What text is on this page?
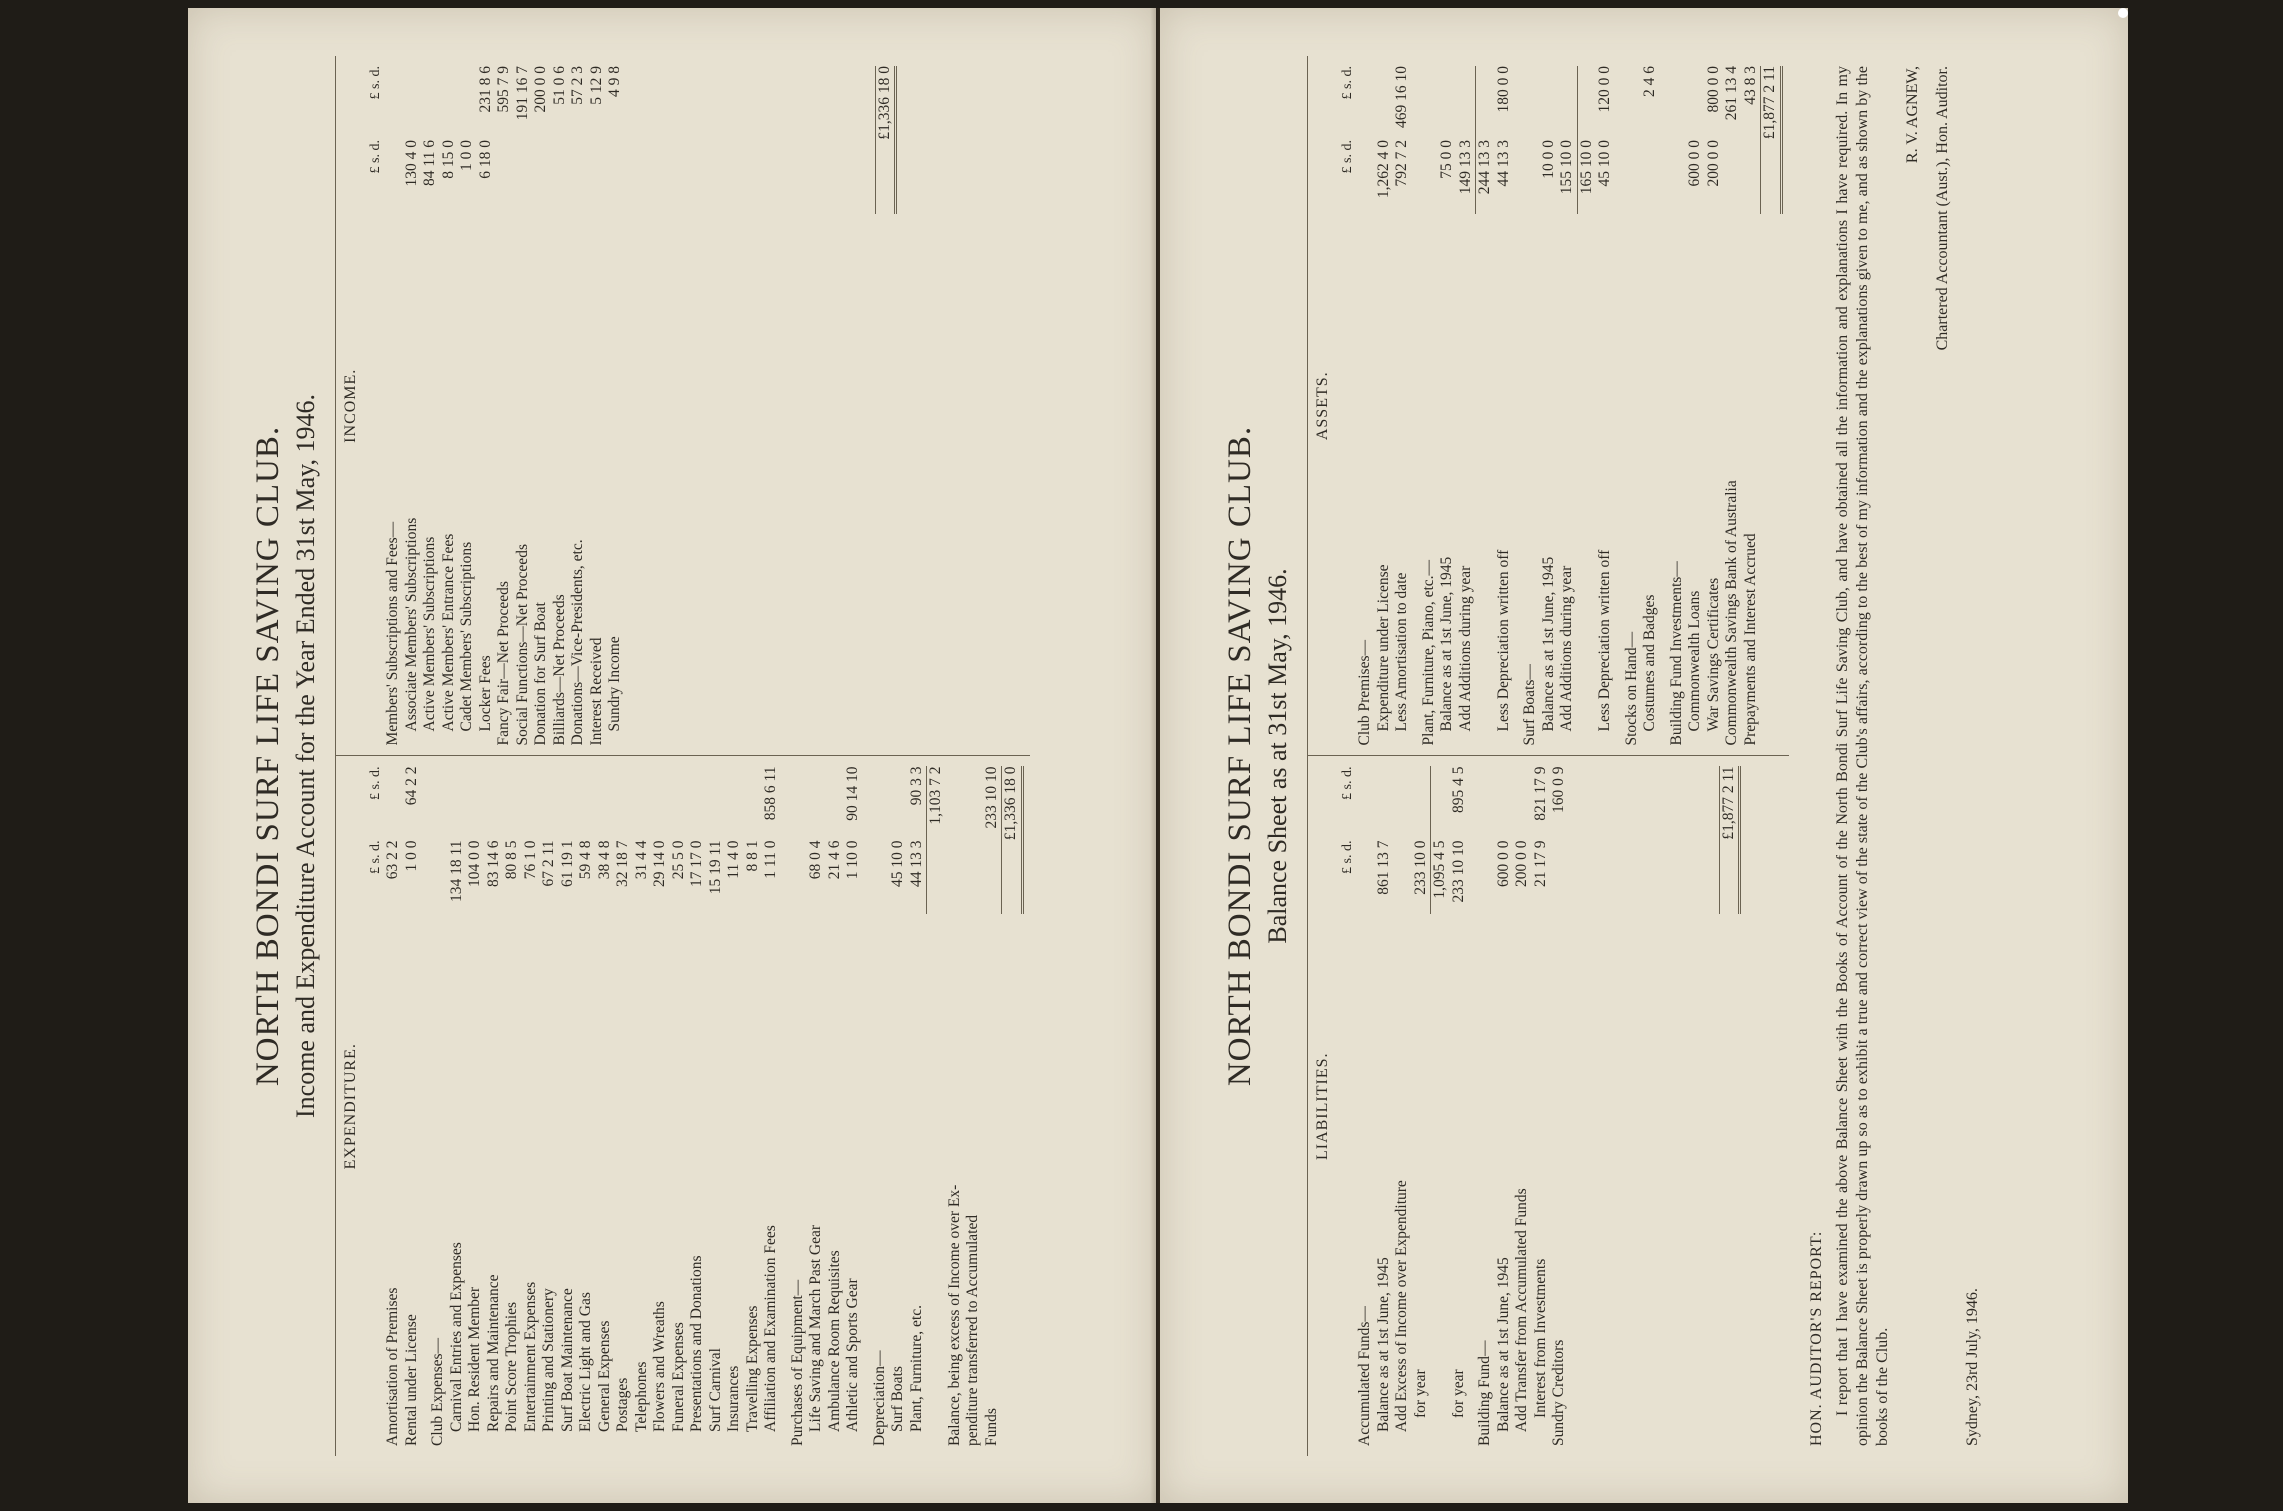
NORTH BONDI SURF LIFE SAVING CLUB. Income and Expenditure Account for the Year Ended 31st May, 1946. EXPENDITURE.
£ s. d.
£ s. d.
Amortisation of Premises
63 2 2
Rental under License
1 0 0
64 2 2
Club Expenses— Carnival Entries and Expenses
134 18 11
Hon. Resident Member
104 0 0
Repairs and Maintenance
83 14 6
Point Score Trophies
80 8 5
Entertainment Expenses
76 1 0
Printing and Stationery
67 2 11
Surf Boat Maintenance
61 19 1
Electric Light and Gas
59 4 8
General Expenses
38 4 8
Postages
32 18 7
Telephones
31 4 4
Flowers and Wreaths
29 14 0
Funeral Expenses
25 5 0
Presentations and Donations
17 17 0
Surf Carnival
15 19 11
Insurances
11 4 0
Travelling Expenses
8 8 1
Affiliation and Examination Fees
1 11 0
858 6 11
Purchases of Equipment— Life Saving and March Past Gear
68 0 4
Ambulance Room Requisites
21 4 6
Athletic and Sports Gear
1 10 0
90 14 10
Depreciation— Surf Boats
45 10 0
Plant, Furniture, etc.
44 13 3
90 3 3 1,103 7 2
Balance, being excess of Income over Ex- penditure transferred to Accumulated Funds
233 10 10 £1,336 18 0
INCOME.
£ s. d.
£ s. d.
Members' Subscriptions and Fees— Associate Members' Subscriptions
130 4 0
Active Members' Subscriptions
84 11 6
Active Members' Entrance Fees
8 15 0
Cadet Members' Subscriptions
1 0 0
Locker Fees
6 18 0
231 8 6
Fancy Fair—Net Proceeds
595 7 9
Social Functions—Net Proceeds
191 16 7
Donation for Surf Boat
200 0 0
Billiards—Net Proceeds
51 0 6
Donations—Vice-Presidents, etc.
57 2 3
Interest Received
5 12 9
Sundry Income
4 9 8	£1,336 18 0
NORTH BONDI SURF LIFE SAVING CLUB. Balance Sheet as at 31st May, 1946.
LIABILITIES.
£ s. d.
£ s. d.
Accumulated Funds— Balance as at 1st June, 1945
861 13 7
Add Excess of Income over Expenditure for year
233 10 0 1,095 4 5
for year
233 10 10
895 4 5
Building Fund— Balance as at 1st June, 1945
600 0 0
Add Transfer from Accumulated Funds
200 0 0
Interest from Investments
21 17 9
821 17 9
Sundry Creditors
160 0 9	£1,877 2 11
ASSETS.
£ s. d.
£ s. d.
Club Premises— Expenditure under License
1,262 4 0
Less Amortisation to date
792 7 2
469 16 10
Plant, Furniture, Piano, etc.— Balance as at 1st June, 1945
75 0 0
Add Additions during year
149 13 3 244 13 3
Less Depreciation written off
44 13 3
180 0 0
Surf Boats— Balance as at 1st June, 1945
10 0 0
Add Additions during year
155 10 0 165 10 0
Less Depreciation written off
45 10 0
120 0 0
Stocks on Hand— Costumes and Badges
2 4 6
Building Fund Investments— Commonwealth Loans
600 0 0
War Savings Certificates
200 0 0
800 0 0
Commonwealth Savings Bank of Australia
261 13 4
Prepayments and Interest Accrued
43 8 3 £1,877 2 11
HON. AUDITOR'S REPORT: I report that I have examined the above Balance Sheet with the Books of Account of the North Bondi Surf Life Saving Club, and have obtained all the information and explanations I have required. In my opinion the Balance Sheet is properly drawn up so as to exhibit a true and correct view of the state of the Club's affairs, according to the best of my information and the explanations given to me, and as shown by the books of the Club.

R. V. AGNEW, Chartered Accountant (Aust.), Hon. Auditor.
Sydney, 23rd July, 1946.
